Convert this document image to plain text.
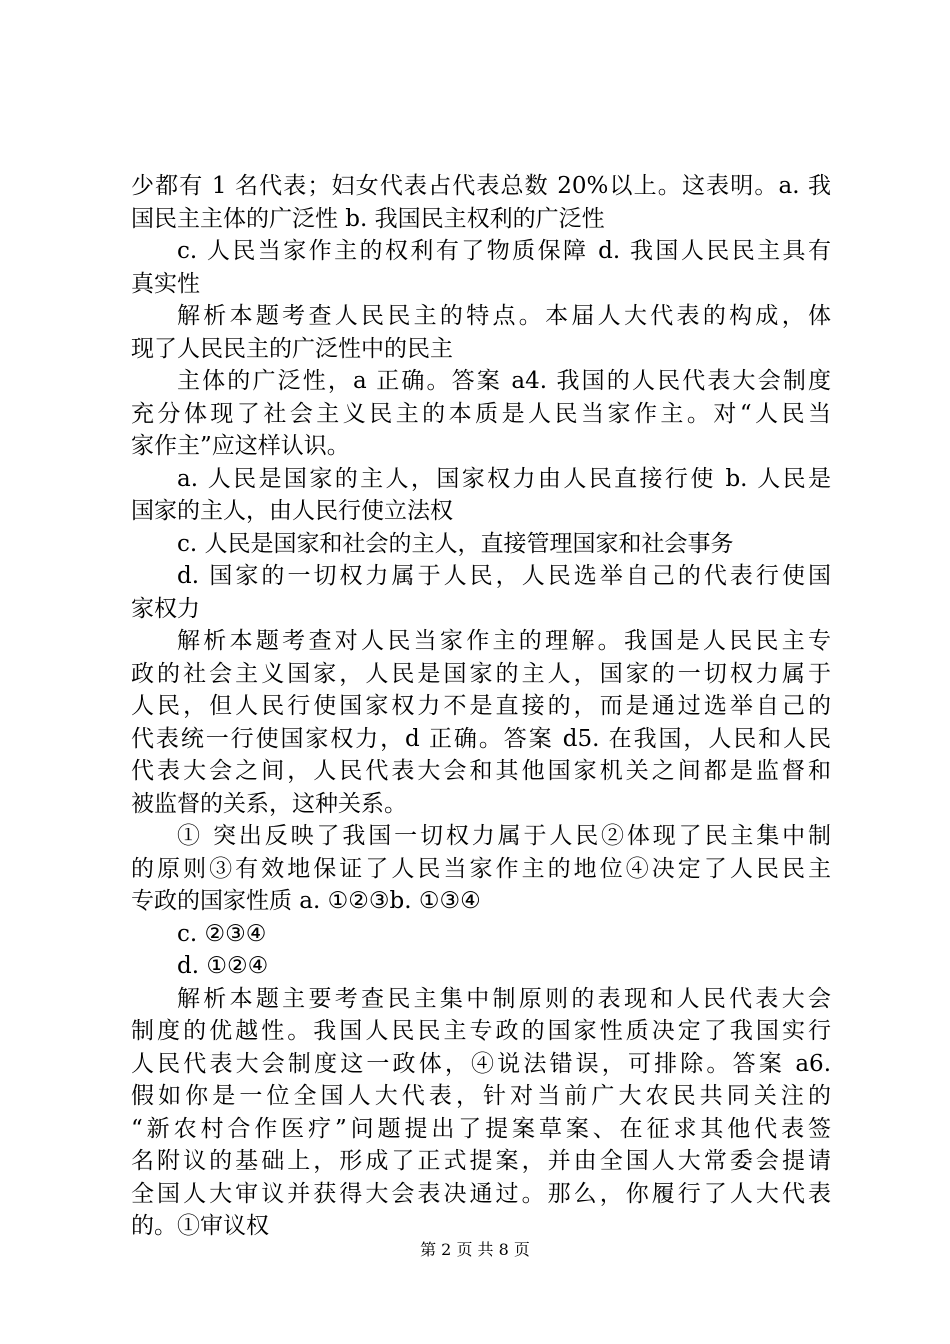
少都有 1 名代表；妇女代表占代表总数 20%以上。这表明。a. 我
国民主主体的广泛性 b. 我国民主权利的广泛性
c. 人民当家作主的权利有了物质保障 d. 我国人民民主具有
真实性
解析本题考查人民民主的特点。本届人大代表的构成，体
现了人民民主的广泛性中的民主
主体的广泛性，a 正确。答案 a4. 我国的人民代表大会制度
充分体现了社会主义民主的本质是人民当家作主。对“人民当
家作主”应这样认识。
a. 人民是国家的主人，国家权力由人民直接行使 b. 人民是
国家的主人，由人民行使立法权
c. 人民是国家和社会的主人，直接管理国家和社会事务
d. 国家的一切权力属于人民，人民选举自己的代表行使国
家权力
解析本题考查对人民当家作主的理解。我国是人民民主专
政的社会主义国家，人民是国家的主人，国家的一切权力属于
人民，但人民行使国家权力不是直接的，而是通过选举自己的
代表统一行使国家权力，d 正确。答案 d5. 在我国，人民和人民
代表大会之间，人民代表大会和其他国家机关之间都是监督和
被监督的关系，这种关系。
① 突出反映了我国一切权力属于人民②体现了民主集中制
的原则③有效地保证了人民当家作主的地位④决定了人民民主
专政的国家性质 a. ①②③b. ①③④
c. ②③④
d. ①②④
解析本题主要考查民主集中制原则的表现和人民代表大会
制度的优越性。我国人民民主专政的国家性质决定了我国实行
人民代表大会制度这一政体，④说法错误，可排除。答案 a6.
假如你是一位全国人大代表，针对当前广大农民共同关注的
“新农村合作医疗”问题提出了提案草案、在征求其他代表签
名附议的基础上，形成了正式提案，并由全国人大常委会提请
全国人大审议并获得大会表决通过。那么，你履行了人大代表
的。①审议权
第 2 页 共 8 页
